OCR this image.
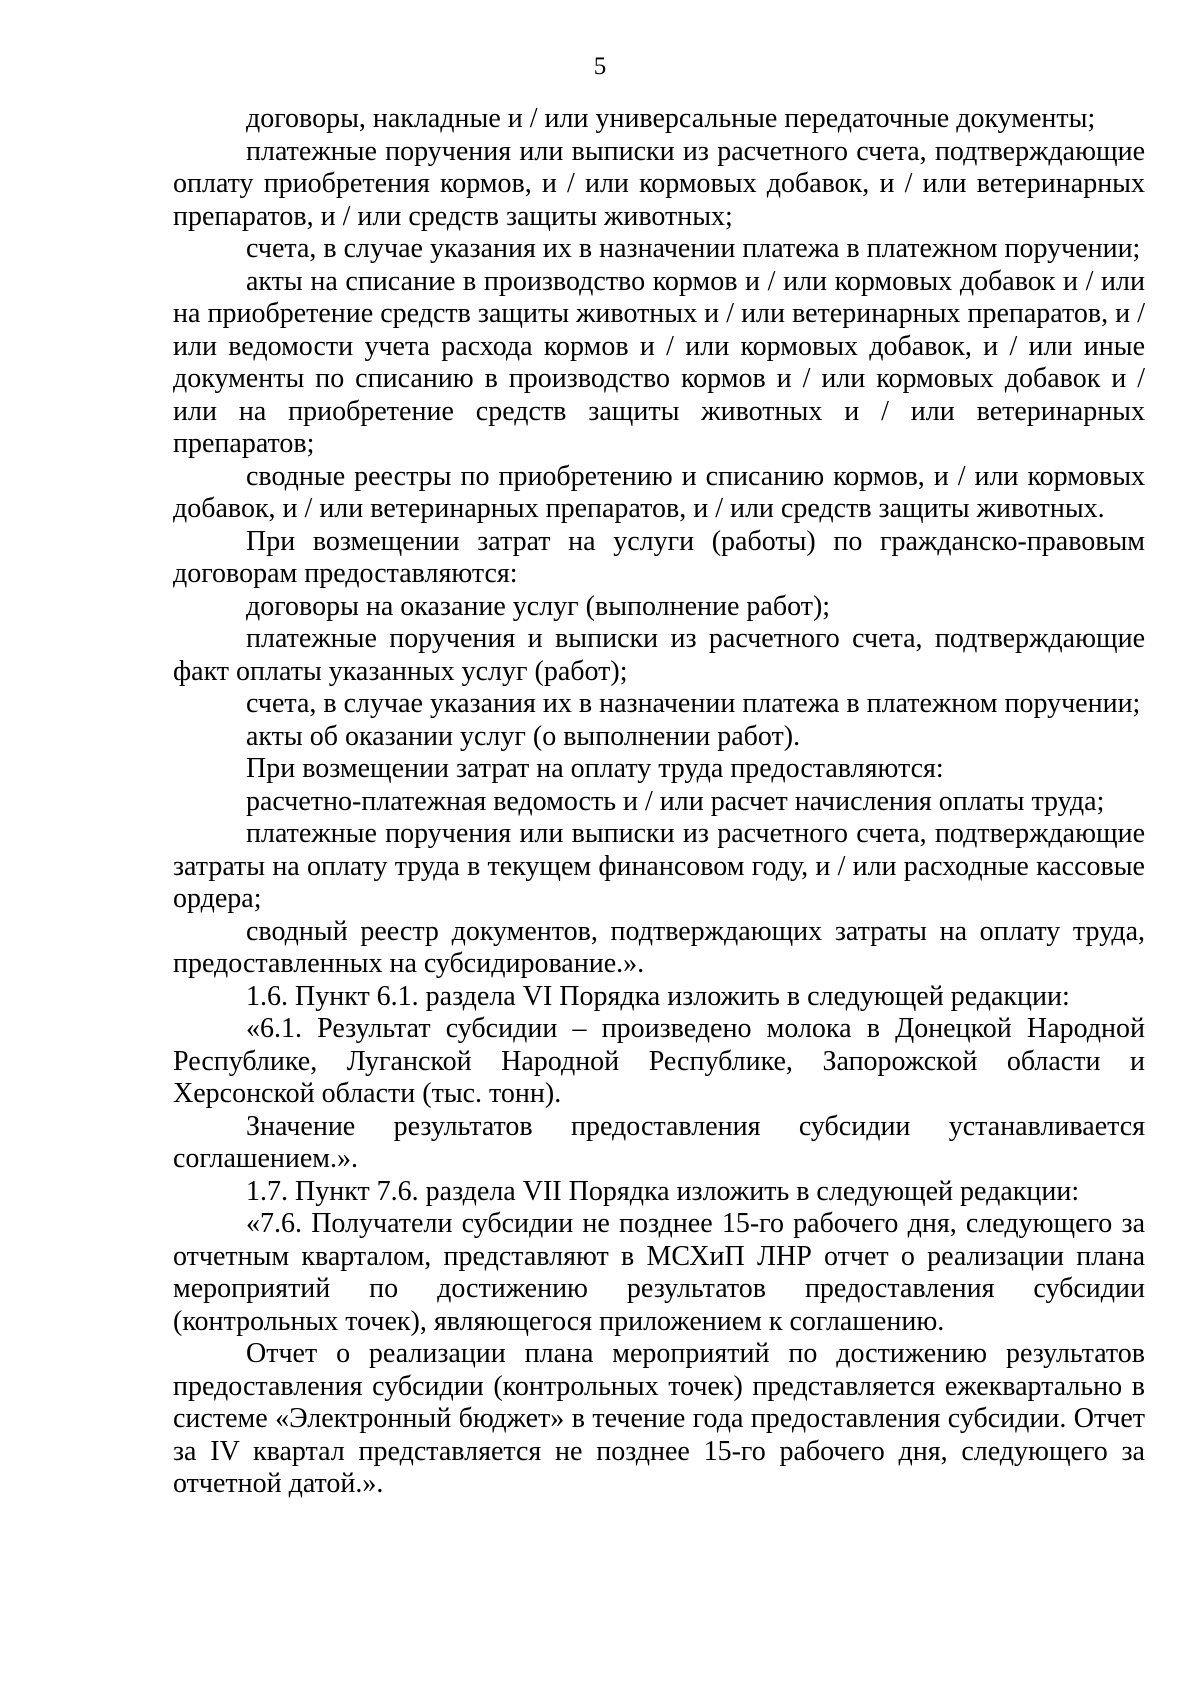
5

договоры, накладные и / или универсальные передаточные документы;

платежные поручения или выписки из расчетного счета, подтверждающие оплату приобретения кормов, и / или кормовых добавок, и / или ветеринарных препаратов, и / или средств защиты животных;

счета, в случае указания их в назначении платежа в платежном поручении;

акты на списание в производство кормов и / или кормовых добавок и / или на приобретение средств защиты животных и / или ветеринарных препаратов, и / или ведомости учета расхода кормов и / или кормовых добавок, и / или иные документы по списанию в производство кормов и / или кормовых добавок и / или на приобретение средств защиты животных и / или ветеринарных препаратов;

сводные реестры по приобретению и списанию кормов, и / или кормовых добавок, и / или ветеринарных препаратов, и / или средств защиты животных.

При возмещении затрат на услуги (работы) по гражданско-правовым договорам предоставляются:

договоры на оказание услуг (выполнение работ);

платежные поручения и выписки из расчетного счета, подтверждающие факт оплаты указанных услуг (работ);

счета, в случае указания их в назначении платежа в платежном поручении;

акты об оказании услуг (о выполнении работ).

При возмещении затрат на оплату труда предоставляются:

расчетно-платежная ведомость и / или расчет начисления оплаты труда;

платежные поручения или выписки из расчетного счета, подтверждающие затраты на оплату труда в текущем финансовом году, и / или расходные кассовые ордера;

сводный реестр документов, подтверждающих затраты на оплату труда, предоставленных на субсидирование.».

1.6. Пункт 6.1. раздела VI Порядка изложить в следующей редакции:

«6.1. Результат субсидии – произведено молока в Донецкой Народной Республике, Луганской Народной Республике, Запорожской области и Херсонской области (тыс. тонн).

Значение результатов предоставления субсидии устанавливается соглашением.».

1.7. Пункт 7.6. раздела VII Порядка изложить в следующей редакции:

«7.6. Получатели субсидии не позднее 15-го рабочего дня, следующего за отчетным кварталом, представляют в МСХиП ЛНР отчет о реализации плана мероприятий по достижению результатов предоставления субсидии (контрольных точек), являющегося приложением к соглашению.

Отчет о реализации плана мероприятий по достижению результатов предоставления субсидии (контрольных точек) представляется ежеквартально в системе «Электронный бюджет» в течение года предоставления субсидии. Отчет за IV квартал представляется не позднее 15-го рабочего дня, следующего за отчетной датой.».
